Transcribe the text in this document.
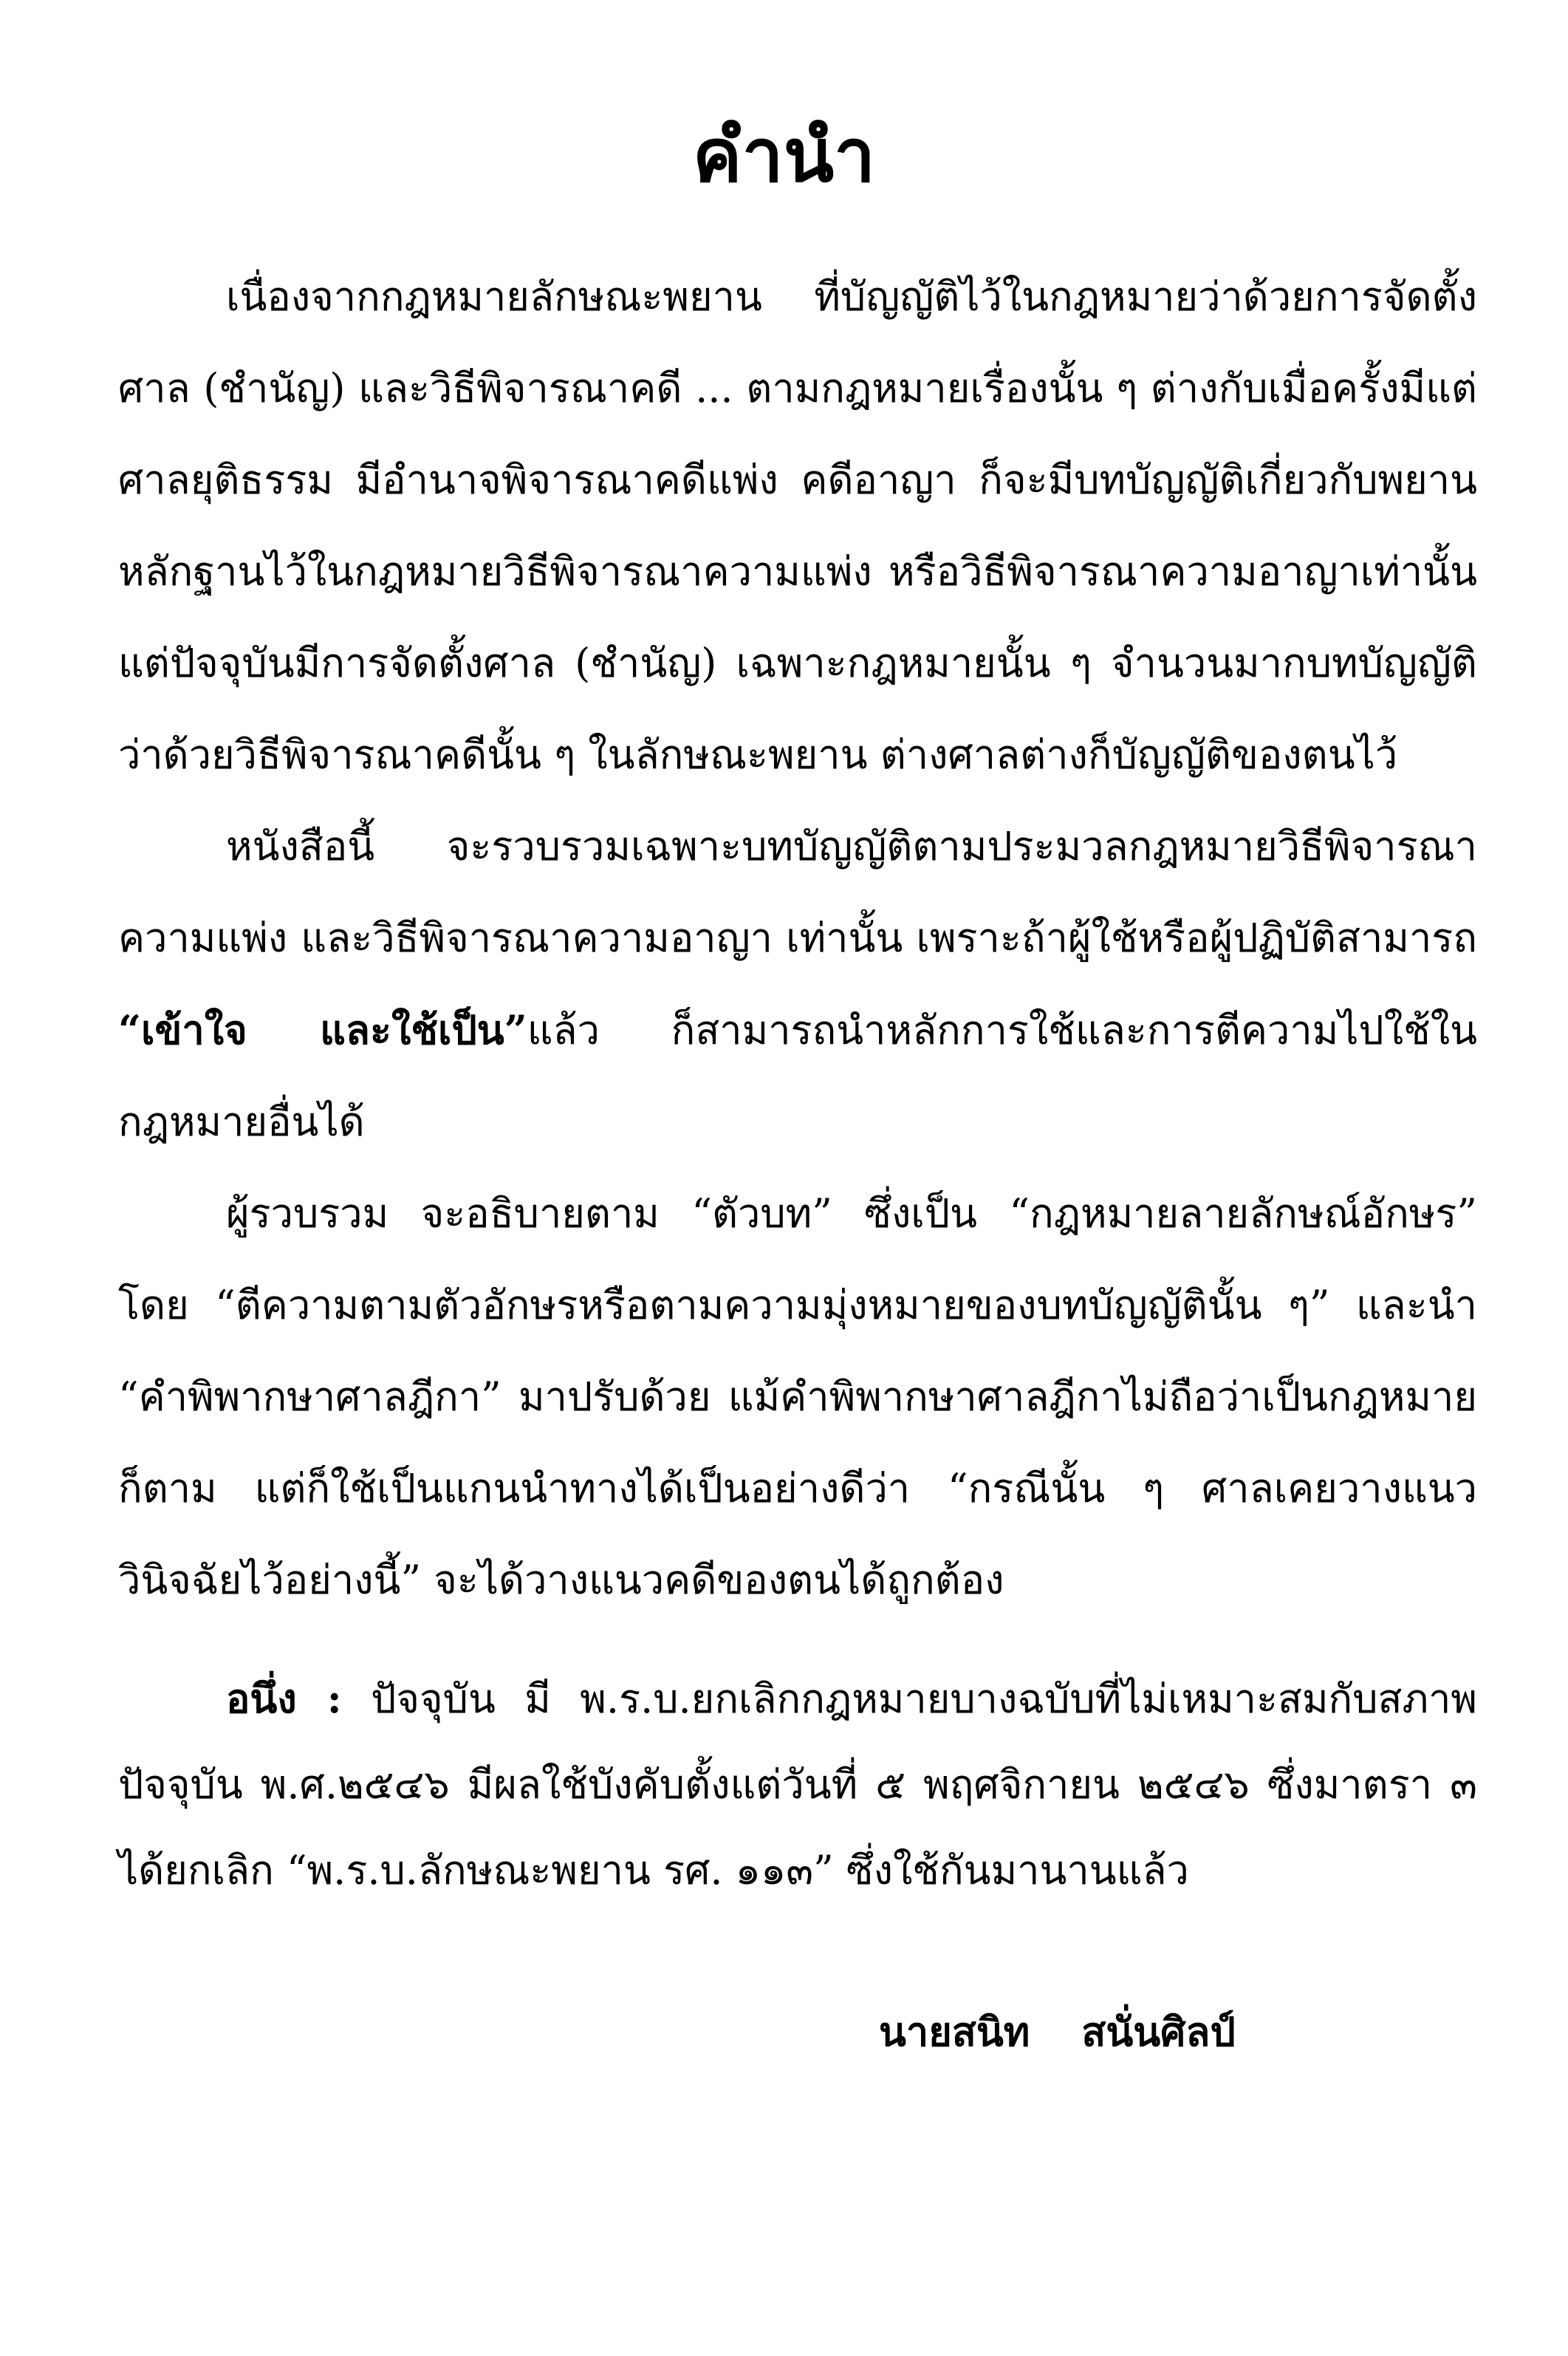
คำนำ

เนื่องจากกฎหมายลักษณะพยาน ที่บัญญัติไว้ในกฎหมายว่าด้วยการจัดตั้งศาล (ชำนัญ) และวิธีพิจารณาคดี ... ตามกฎหมายเรื่องนั้น ๆ ต่างกับเมื่อครั้งมีแต่ศาลยุติธรรม มีอำนาจพิจารณาคดีแพ่ง คดีอาญา ก็จะมีบทบัญญัติเกี่ยวกับพยานหลักฐานไว้ในกฎหมายวิธีพิจารณาความแพ่ง หรือวิธีพิจารณาความอาญาเท่านั้น แต่ปัจจุบันมีการจัดตั้งศาล (ชำนัญ) เฉพาะกฎหมายนั้น ๆ จำนวนมากบทบัญญัติว่าด้วยวิธีพิจารณาคดีนั้น ๆ ในลักษณะพยาน ต่างศาลต่างก็บัญญัติของตนไว้

หนังสือนี้ จะรวบรวมเฉพาะบทบัญญัติตามประมวลกฎหมายวิธีพิจารณาความแพ่ง และวิธีพิจารณาความอาญา เท่านั้น เพราะถ้าผู้ใช้หรือผู้ปฏิบัติสามารถ “เข้าใจ และใช้เป็น”แล้ว ก็สามารถนำหลักการใช้และการตีความไปใช้ในกฎหมายอื่นได้

ผู้รวบรวม จะอธิบายตาม “ตัวบท” ซึ่งเป็น “กฎหมายลายลักษณ์อักษร” โดย “ตีความตามตัวอักษรหรือตามความมุ่งหมายของบทบัญญัตินั้น ๆ” และนำ “คำพิพากษาศาลฎีกา” มาปรับด้วย แม้คำพิพากษาศาลฎีกาไม่ถือว่าเป็นกฎหมายก็ตาม แต่ก็ใช้เป็นแกนนำทางได้เป็นอย่างดีว่า “กรณีนั้น ๆ ศาลเคยวางแนววินิจฉัยไว้อย่างนี้” จะได้วางแนวคดีของตนได้ถูกต้อง

อนึ่ง : ปัจจุบัน มี พ.ร.บ.ยกเลิกกฎหมายบางฉบับที่ไม่เหมาะสมกับสภาพปัจจุบัน พ.ศ.๒๕๔๖ มีผลใช้บังคับตั้งแต่วันที่ ๕ พฤศจิกายน ๒๕๔๖ ซึ่งมาตรา ๓ ได้ยกเลิก “พ.ร.บ.ลักษณะพยาน รศ. ๑๑๓” ซึ่งใช้กันมานานแล้ว

นายสนิท สนั่นศิลป์
